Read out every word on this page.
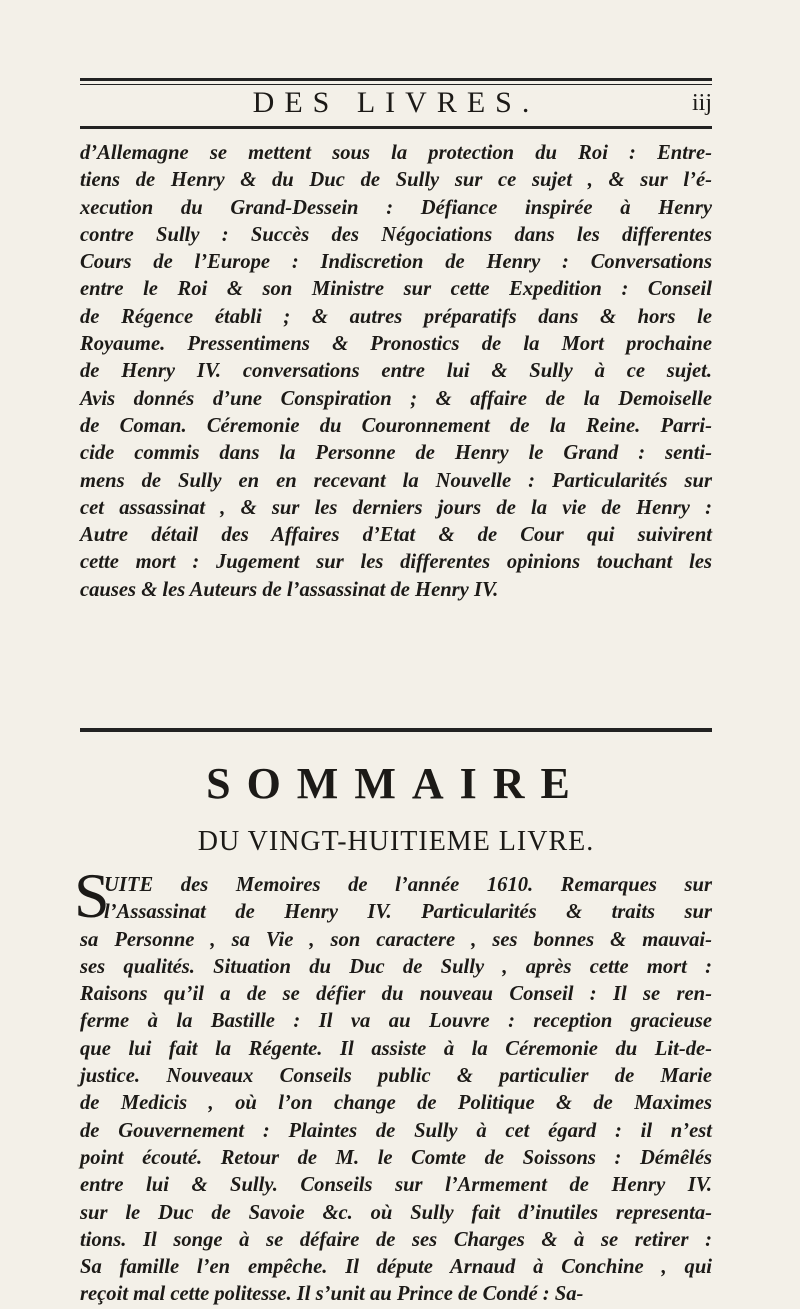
DES LIVRES.	iij
d’Allemagne se mettent sous la protection du Roi : Entre-
tiens de Henry & du Duc de Sully sur ce sujet , & sur l’é-
xecution du Grand-Dessein : Défiance inspirée à Henry
contre Sully : Succès des Négociations dans les differentes
Cours de l’Europe : Indiscretion de Henry : Conversations
entre le Roi & son Ministre sur cette Expedition : Conseil
de Régence établi ; & autres préparatifs dans & hors le
Royaume. Pressentimens & Pronostics de la Mort prochaine
de Henry IV. conversations entre lui & Sully à ce sujet.
Avis donnés d’une Conspiration ; & affaire de la Demoiselle
de Coman. Céremonie du Couronnement de la Reine. Parri-
cide commis dans la Personne de Henry le Grand : senti-
mens de Sully en en recevant la Nouvelle : Particularités sur
cet assassinat , & sur les derniers jours de la vie de Henry :
Autre détail des Affaires d’Etat & de Cour qui suivirent
cette mort : Jugement sur les differentes opinions touchant les
causes & les Auteurs de l’assassinat de Henry IV.
SOMMAIRE
DU VINGT-HUITIEME LIVRE.
S
UITE des Memoires de l’année 1610. Remarques sur
l’Assassinat de Henry IV. Particularités & traits sur
sa Personne , sa Vie , son caractere , ses bonnes & mauvai-
ses qualités. Situation du Duc de Sully , après cette mort :
Raisons qu’il a de se défier du nouveau Conseil : Il se ren-
ferme à la Bastille : Il va au Louvre : reception gracieuse
que lui fait la Régente. Il assiste à la Céremonie du Lit-de-
justice. Nouveaux Conseils public & particulier de Marie
de Medicis , où l’on change de Politique & de Maximes
de Gouvernement : Plaintes de Sully à cet égard : il n’est
point écouté. Retour de M. le Comte de Soissons : Démêlés
entre lui & Sully. Conseils sur l’Armement de Henry IV.
sur le Duc de Savoie &c. où Sully fait d’inutiles representa-
tions. Il songe à se défaire de ses Charges & à se retirer :
Sa famille l’en empêche. Il députe Arnaud à Conchine , qui
reçoit mal cette politesse. Il s’unit au Prince de Condé : Sa-
